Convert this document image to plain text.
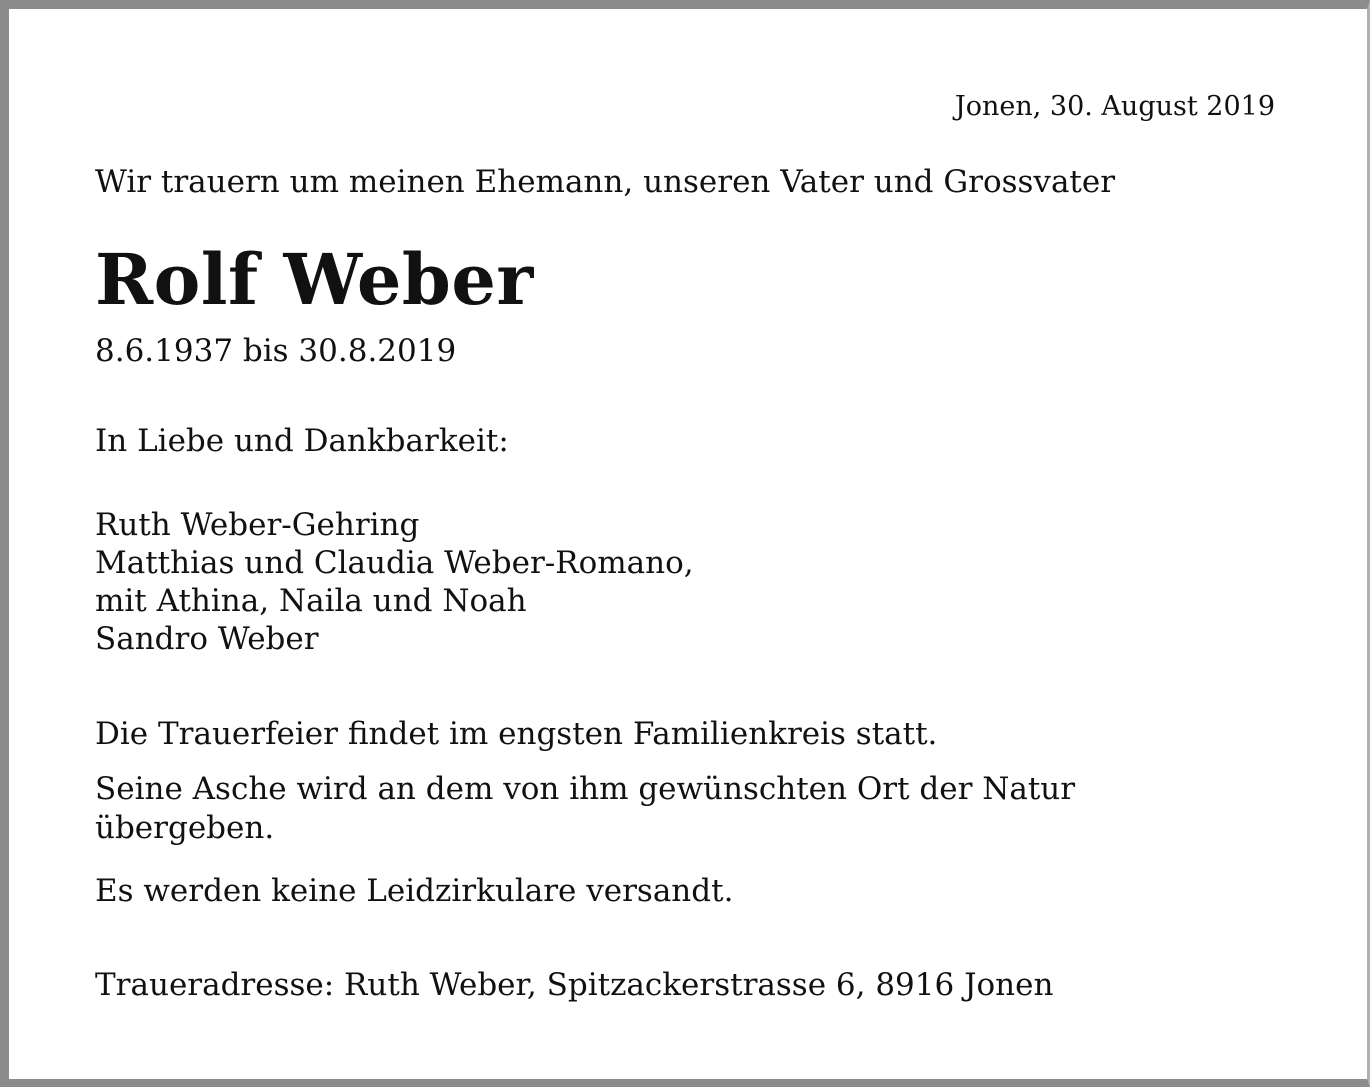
Jonen, 30. August 2019

Wir trauern um meinen Ehemann, unseren Vater und Grossvater

Rolf Weber

8.6.1937 bis 30.8.2019

In Liebe und Dankbarkeit:

Ruth Weber-Gehring
Matthias und Claudia Weber-Romano,
mit Athina, Naila und Noah
Sandro Weber

Die Trauerfeier findet im engsten Familienkreis statt.

Seine Asche wird an dem von ihm gewünschten Ort der Natur übergeben.

Es werden keine Leidzirkulare versandt.

Traueradresse: Ruth Weber, Spitzackerstrasse 6, 8916 Jonen
